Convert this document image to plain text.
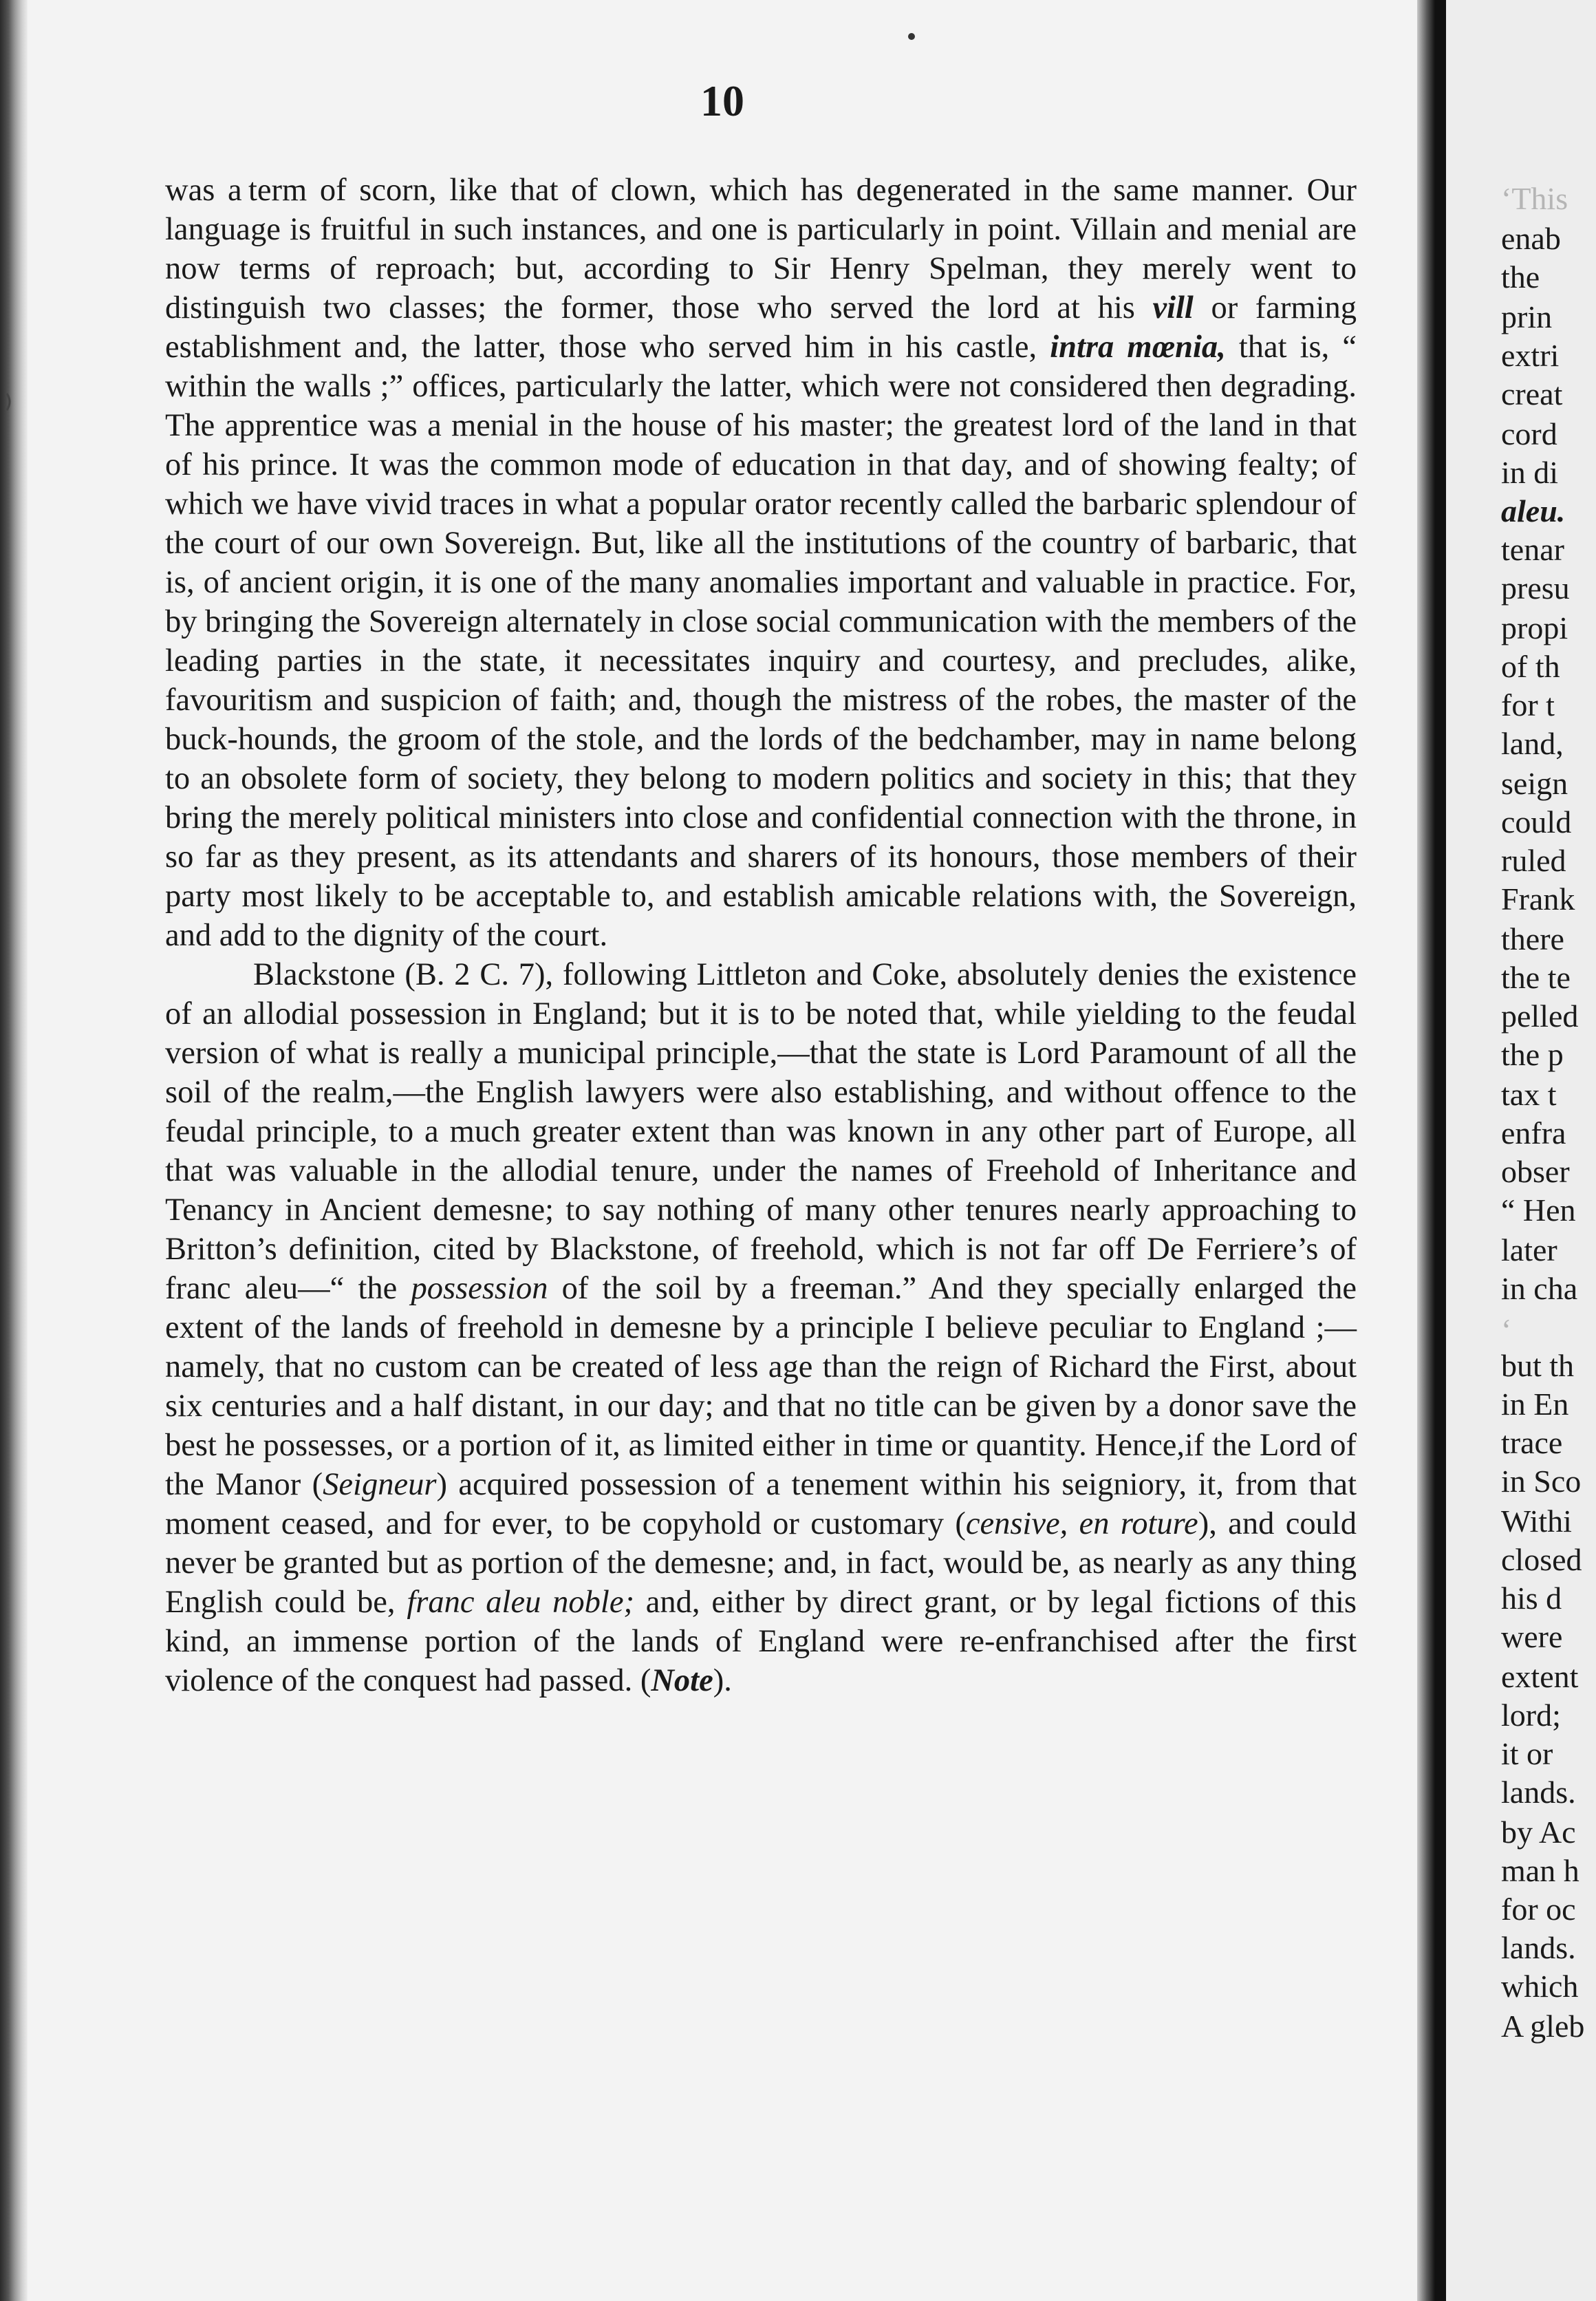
10

was a term of scorn, like that of clown, which has degenerated in the same manner. Our language is fruitful in such instances, and one is particularly in point. Villain and menial are now terms of reproach; but, according to Sir Henry Spelman, they merely went to distinguish two classes; the former, those who served the lord at his vill or farming establishment and, the latter, those who served him in his castle, intra mœnia, that is, “ within the walls ;” offices, particularly the latter, which were not considered then degrading. The apprentice was a menial in the house of his master; the greatest lord of the land in that of his prince. It was the common mode of education in that day, and of showing fealty; of which we have vivid traces in what a popular orator recently called the barbaric splendour of the court of our own Sovereign. But, like all the institutions of the country of barbaric, that is, of ancient origin, it is one of the many anomalies important and valuable in practice. For, by bringing the Sovereign alternately in close social communication with the members of the leading parties in the state, it necessitates inquiry and courtesy, and precludes, alike, favouritism and suspicion of faith; and, though the mistress of the robes, the master of the buck-hounds, the groom of the stole, and the lords of the bedchamber, may in name belong to an obsolete form of society, they belong to modern politics and society in this; that they bring the merely political ministers into close and confidential connection with the throne, in so far as they present, as its attendants and sharers of its honours, those members of their party most likely to be acceptable to, and establish amicable relations with, the Sovereign, and add to the dignity of the court.

Blackstone (B. 2 C. 7), following Littleton and Coke, absolutely denies the existence of an allodial possession in England; but it is to be noted that, while yielding to the feudal version of what is really a municipal principle,—that the state is Lord Paramount of all the soil of the realm,—the English lawyers were also establishing, and without offence to the feudal principle, to a much greater extent than was known in any other part of Europe, all that was valuable in the allodial tenure, under the names of Freehold of Inheritance and Tenancy in Ancient demesne; to say nothing of many other tenures nearly approaching to Britton’s definition, cited by Blackstone, of freehold, which is not far off De Ferriere’s of franc aleu—“ the possession of the soil by a freeman.” And they specially enlarged the extent of the lands of freehold in demesne by a principle I believe peculiar to England ;—namely, that no custom can be created of less age than the reign of Richard the First, about six centuries and a half distant, in our day; and that no title can be given by a donor save the best he possesses, or a portion of it, as limited either in time or quantity. Hence,if the Lord of the Manor (Seigneur) acquired possession of a tenement within his seigniory, it, from that moment ceased, and for ever, to be copyhold or customary (censive, en roture), and could never be granted but as portion of the demesne; and, in fact, would be, as nearly as any thing English could be, franc aleu noble; and, either by direct grant, or by legal fictions of this kind, an immense portion of the lands of England were re-enfranchised after the first violence of the conquest had passed. (Note).

‘This
enab
the
prin
extri
creat
cord
in di
aleu.
tenar
presu
propi
of th
for t
land,
seign
could
ruled
Frank
there
the te
pelled
the p
tax t
enfra
obser
“ Hen
later
in cha
‘
but th
in En
trace
in Sco
Withi
closed
his d
were
extent
lord;
it or
lands.
by Ac
man h
for oc
lands.
which
A gleb
